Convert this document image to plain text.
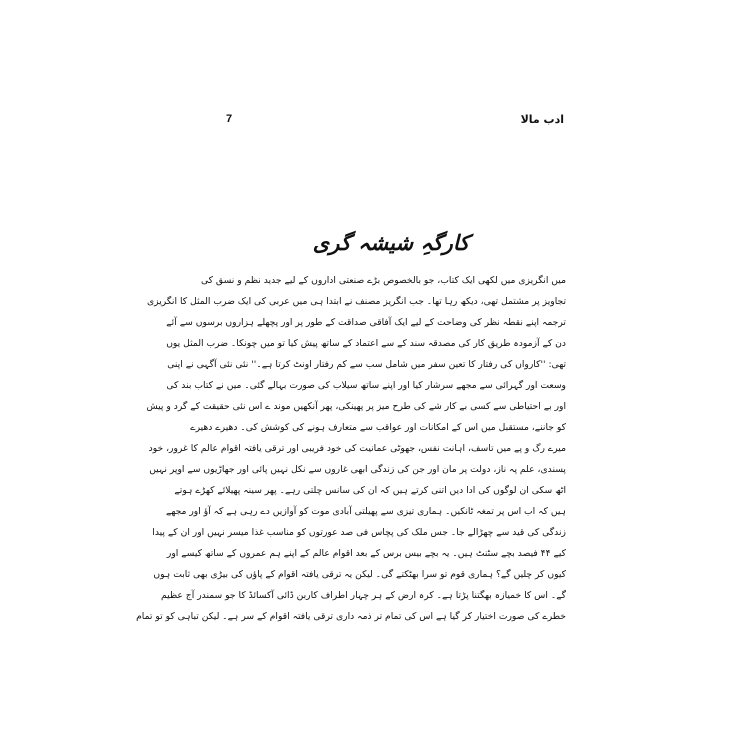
7	ادب مالا
کارگہِ شیشہ گری
میں انگریزی میں لکھی ایک کتاب، جو بالخصوص بڑے صنعتی اداروں کے لیے جدید نظم و نسق کی
تجاویز پر مشتمل تھی، دیکھ رہا تھا۔ جب انگریز مصنف نے ابتدا ہی میں عربی کی ایک ضرب المثل کا انگریزی
ترجمہ اپنے نقطہ نظر کی وضاحت کے لیے ایک آفاقی صداقت کے طور پر اور پچھلے ہزاروں برسوں سے آئے
دن کے آزمودہ طریق کار کی مصدقہ سند کے سے اعتماد کے ساتھ پیش کیا تو میں چونکا۔ ضرب المثل یوں
تھی: ''کارواں کی رفتار کا تعین سفر میں شامل سب سے کم رفتار اونٹ کرتا ہے۔'' نئی نئی آگہی نے اپنی
وسعت اور گہرائی سے مجھے سرشار کیا اور اپنے ساتھ سیلاب کی صورت بہالے گئی۔ میں نے کتاب بند کی
اور بے احتیاطی سے کسی بے کار شے کی طرح میز پر پھینکی، پھر آنکھیں موند ے اس نئی حقیقت کے گرد و پیش
کو جاننے، مستقبل میں اس کے امکانات اور عواقب سے متعارف ہونے کی کوشش کی۔ دھیرے دھیرے
میرے رگ و پے میں تاسف، اہانت نفس، جھوٹی عمانیت کی خود فریبی اور ترقی یافتہ اقوام عالم کا غرور، خود
پسندی، علم پہ ناز، دولت پر مان اور جن کی زندگی ابھی غاروں سے نکل نہیں پائی اور جھاڑیوں سے اوپر نہیں
اٹھ سکی ان لوگوں کی ادا دیں اتنی کرتے ہیں کہ ان کی سانس چلتی رہے۔ پھر سینہ پھیلائے کھڑے ہوتے
ہیں کہ اب اس پر تمغہ ٹانکیں۔ ہماری تیزی سے پھیلتی آبادی موت کو آوازیں دے رہی ہے کہ آؤ اور مجھے
زندگی کی قید سے چھڑالے جا۔ جس ملک کی پچاس فی صد عورتوں کو مناسب غذا میسر نہیں اور ان کے پیدا
کیے ۴۴ فیصد بچے سٹنٹ ہیں۔ یہ بچے بیس برس کے بعد اقوام عالم کے اپنے ہم عمروں کے ساتھ کیسے اور
کیوں کر چلیں گے؟ ہماری قوم تو سرا بھٹکتے گی۔ لیکن یہ ترقی یافتہ اقوام کے پاؤں کی بیڑی بھی ثابت ہوں
گے۔ اس کا خمیازہ بھگتنا پڑتا ہے۔ کرہ ارض کے ہر چہار اطراف کاربن ڈائی آکسائڈ کا جو سمندر آج عظیم
خطرے کی صورت اختیار کر گیا ہے اس کی تمام تر ذمہ داری ترقی یافتہ اقوام کے سر ہے۔ لیکن تباہی کو تو تمام
